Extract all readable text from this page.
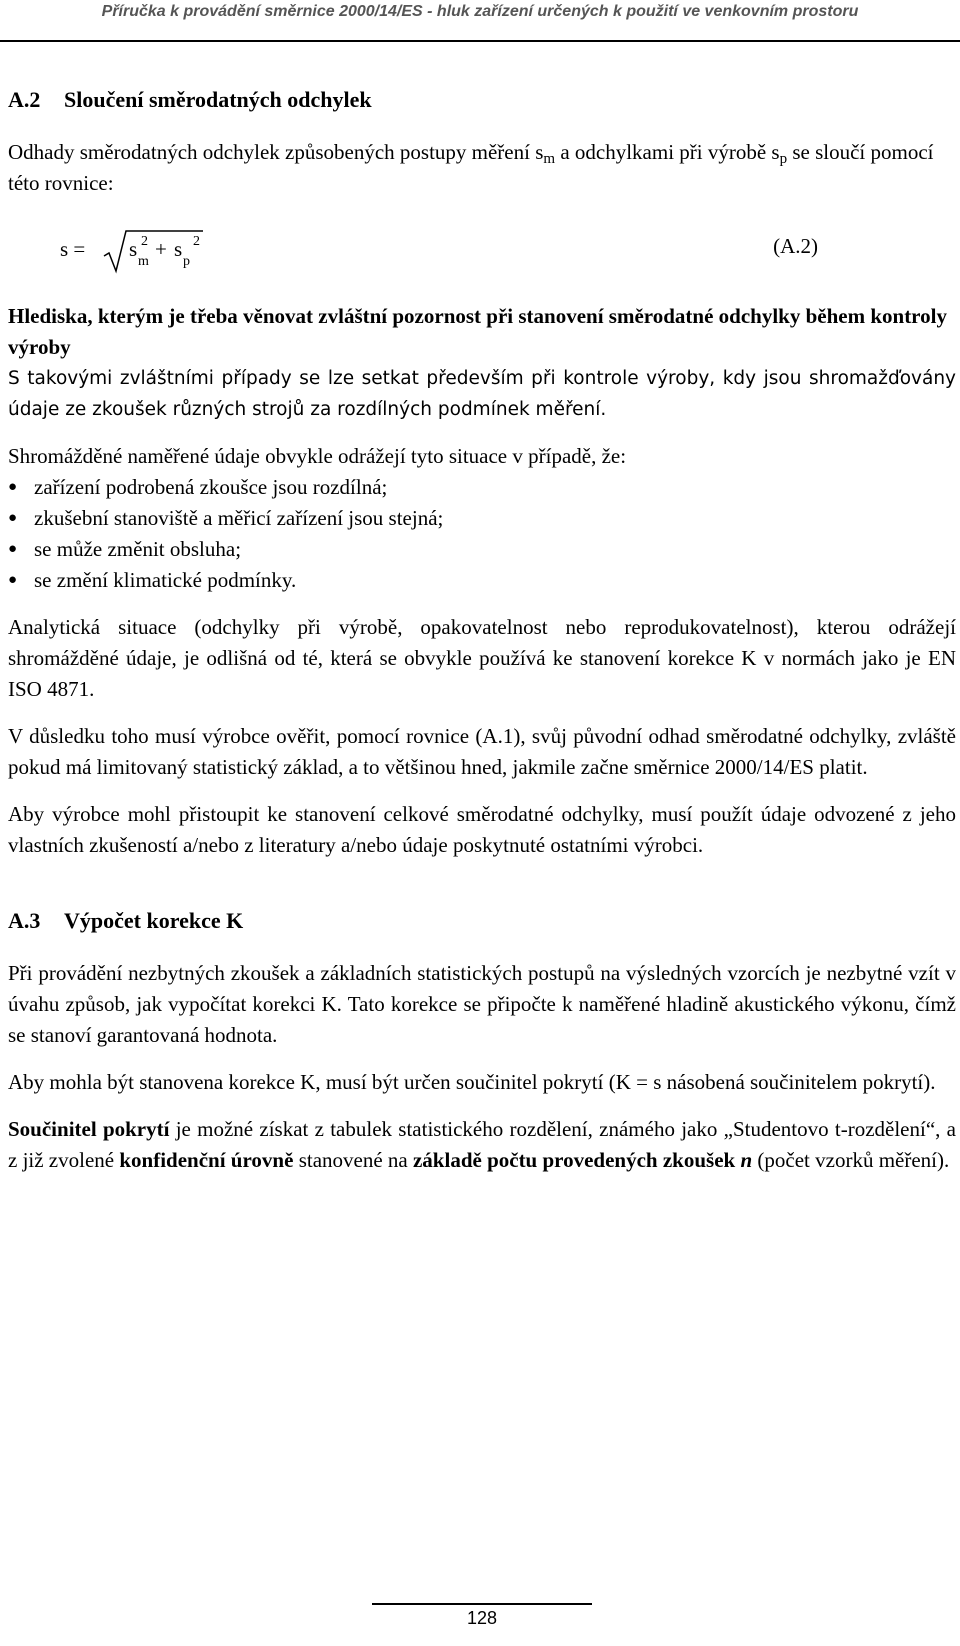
Příručka k provádění směrnice 2000/14/ES - hluk zařízení určených k použití ve venkovním prostoru
A.2 Sloučení směrodatných odchylek

Odhady směrodatných odchylek způsobených postupy měření $s_m$ a odchylkami při výrobě $s_p$ se sloučí pomocí této rovnice:

s = s
m
2 + s
p
2	(A.2)

Hlediska, kterým je třeba věnovat zvláštní pozornost při stanovení směrodatné odchylky během kontroly výroby

S takovými zvláštními případy se lze setkat především při kontrole výroby, kdy jsou shromažďovány údaje ze zkoušek různých strojů za rozdílných podmínek měření.

Shromážděné naměřené údaje obvykle odrážejí tyto situace v případě, že:

● zařízení podrobená zkoušce jsou rozdílná;
● zkušební stanoviště a měřicí zařízení jsou stejná;
● se může změnit obsluha;
● se změní klimatické podmínky.

Analytická situace (odchylky při výrobě, opakovatelnost nebo reprodukovatelnost), kterou odrážejí shromážděné údaje, je odlišná od té, která se obvykle používá ke stanovení korekce K v normách jako je EN ISO 4871.

V důsledku toho musí výrobce ověřit, pomocí rovnice (A.1), svůj původní odhad směrodatné odchylky, zvláště pokud má limitovaný statistický základ, a to většinou hned, jakmile začne směrnice 2000/14/ES platit.

Aby výrobce mohl přistoupit ke stanovení celkové směrodatné odchylky, musí použít údaje odvozené z jeho vlastních zkušeností a/nebo z literatury a/nebo údaje poskytnuté ostatními výrobci.

A.3 Výpočet korekce K

Při provádění nezbytných zkoušek a základních statistických postupů na výsledných vzorcích je nezbytné vzít v úvahu způsob, jak vypočítat korekci K. Tato korekce se připočte k naměřené hladině akustického výkonu, čímž se stanoví garantovaná hodnota.

Aby mohla být stanovena korekce K, musí být určen součinitel pokrytí (K = s násobená součinitelem pokrytí).

Součinitel pokrytí je možné získat z tabulek statistického rozdělení, známého jako „Studentovo t-rozdělení“, a z již zvolené konfidenční úrovně stanovené na základě počtu provedených zkoušek n (počet vzorků měření).

128
